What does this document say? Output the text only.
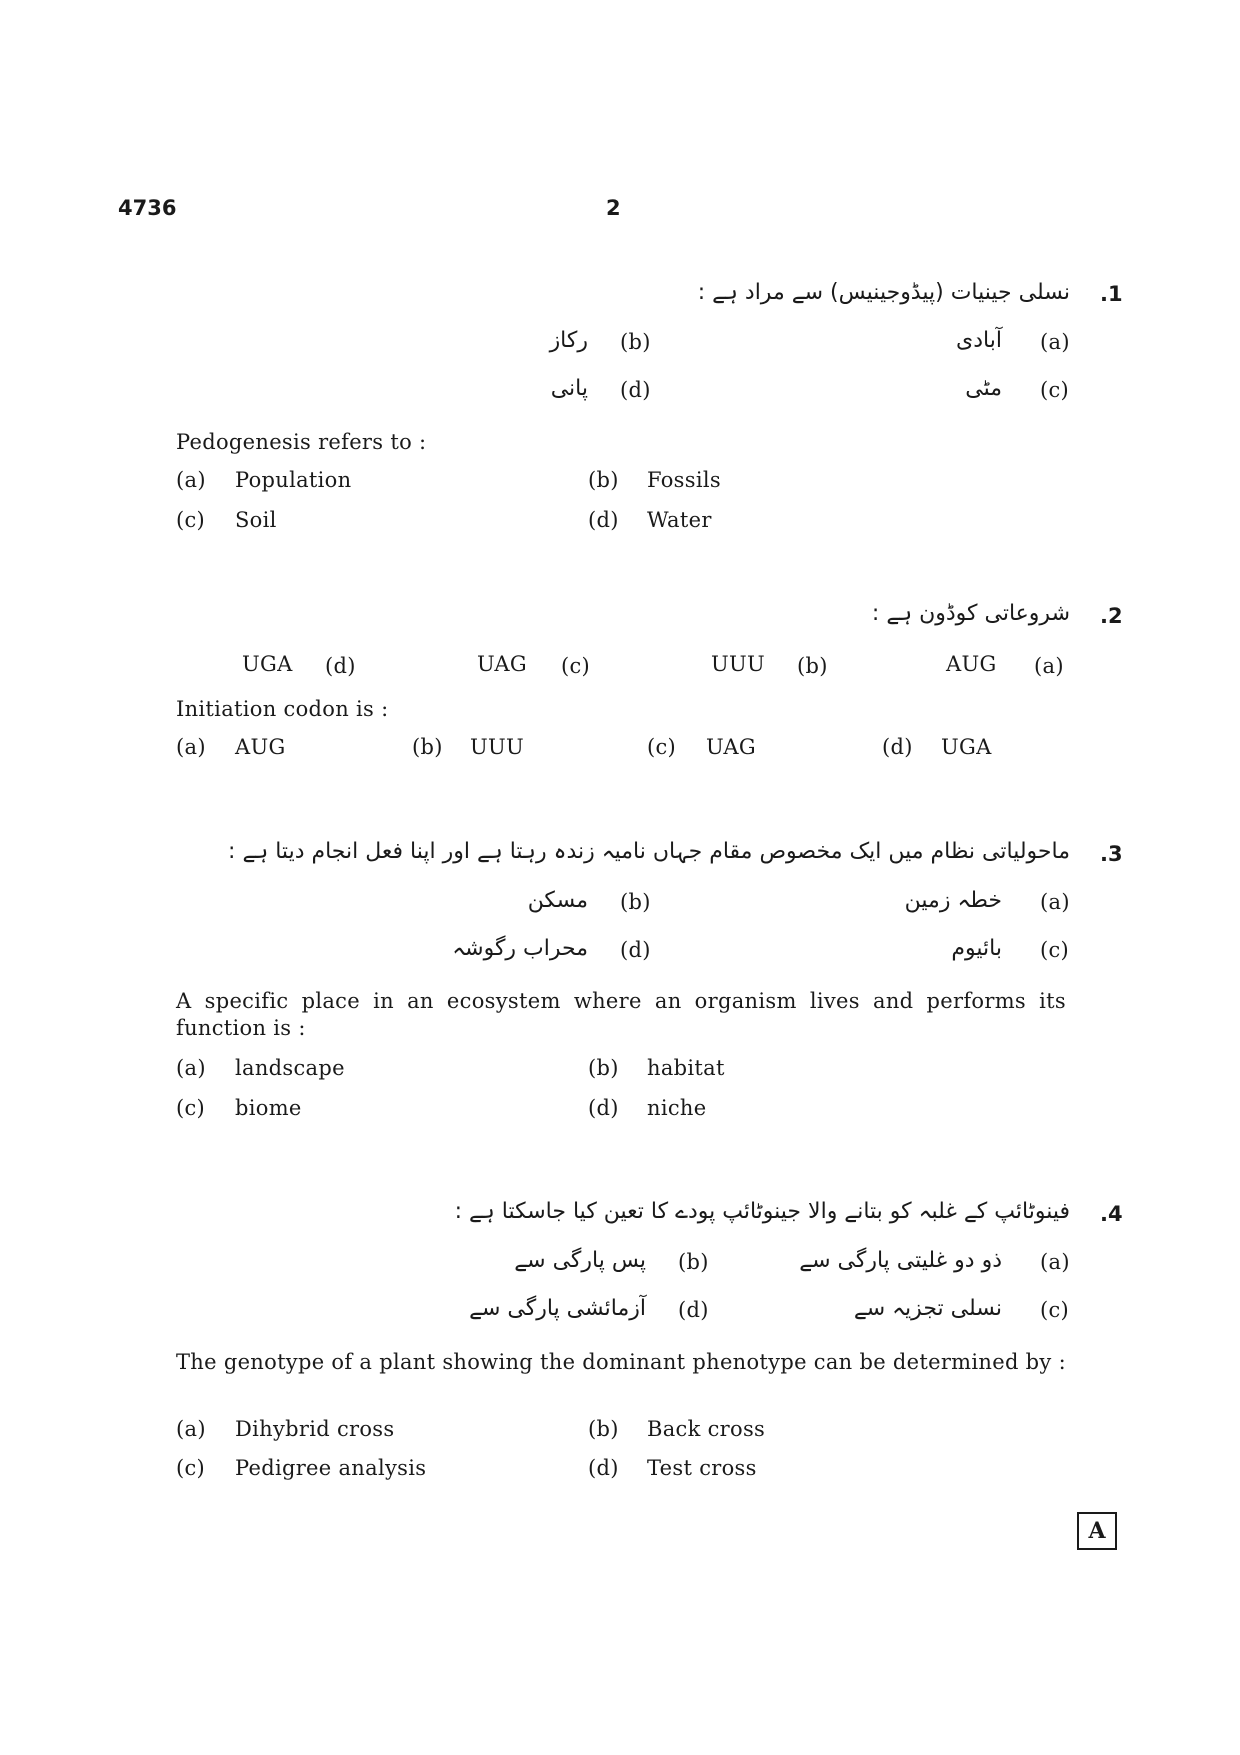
4736	2
.1
نسلی جینیات (پیڈوجینیس) سے مراد ہے :
(a)
آبادی
(b)
رکاز
(c)
مٹی
(d)
پانی
Pedogenesis refers to :
(a) Population	(b) Fossils
(c) Soil	(d) Water
.2
شروعاتی کوڈون ہے :
(a)
AUG
(b)
UUU
(c)
UAG
(d)
UGA
Initiation codon is :
(a) AUG	(b) UUU	(c) UAG	(d) UGA
.3
ماحولیاتی نظام میں ایک مخصوص مقام جہاں نامیہ زندہ رہتا ہے اور اپنا فعل انجام دیتا ہے :
(a)
خطہ زمین
(b)
مسکن
(c)
بائیوم
(d)
محراب رگوشہ
A specific place in an ecosystem where an organism lives and performs its function is :
(a) landscape	(b) habitat
(c) biome	(d) niche
.4
فینوٹائپ کے غلبہ کو بتانے والا جینوٹائپ پودے کا تعین کیا جاسکتا ہے :
(a)
ذو دو غلیتی پارگی سے
(b)
پس پارگی سے
(c)
نسلی تجزیہ سے
(d)
آزمائشی پارگی سے
The genotype of a plant showing the dominant phenotype can be determined by :
(a) Dihybrid cross	(b) Back cross
(c) Pedigree analysis	(d) Test cross
A
